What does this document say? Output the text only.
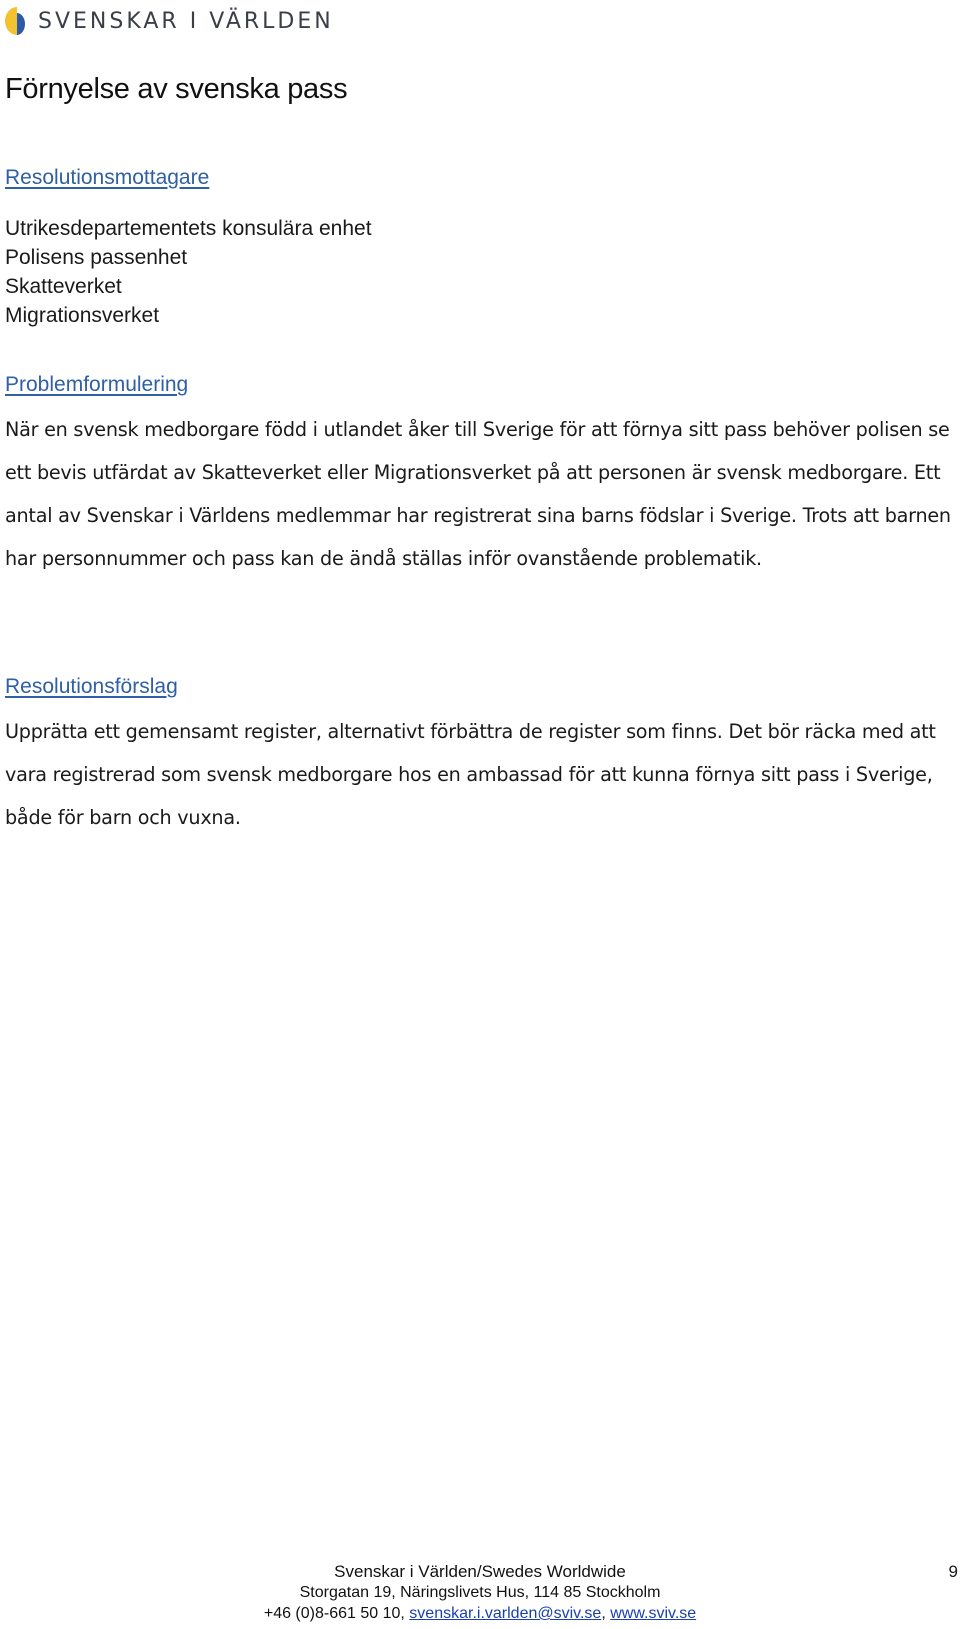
SVENSKAR I VÄRLDEN
Förnyelse av svenska pass

Resolutionsmottagare

Utrikesdepartementets konsulära enhet
Polisens passenhet
Skatteverket
Migrationsverket

Problemformulering

När en svensk medborgare född i utlandet åker till Sverige för att förnya sitt pass behöver polisen se ett bevis utfärdat av Skatteverket eller Migrationsverket på att personen är svensk medborgare. Ett antal av Svenskar i Världens medlemmar har registrerat sina barns födslar i Sverige. Trots att barnen har personnummer och pass kan de ändå ställas inför ovanstående problematik.

Resolutionsförslag

Upprätta ett gemensamt register, alternativt förbättra de register som finns. Det bör räcka med att vara registrerad som svensk medborgare hos en ambassad för att kunna förnya sitt pass i Sverige, både för barn och vuxna.

Svenskar i Världen/Swedes Worldwide
Storgatan 19, Näringslivets Hus, 114 85 Stockholm
+46 (0)8-661 50 10, svenskar.i.varlden@sviv.se, www.sviv.se
9
